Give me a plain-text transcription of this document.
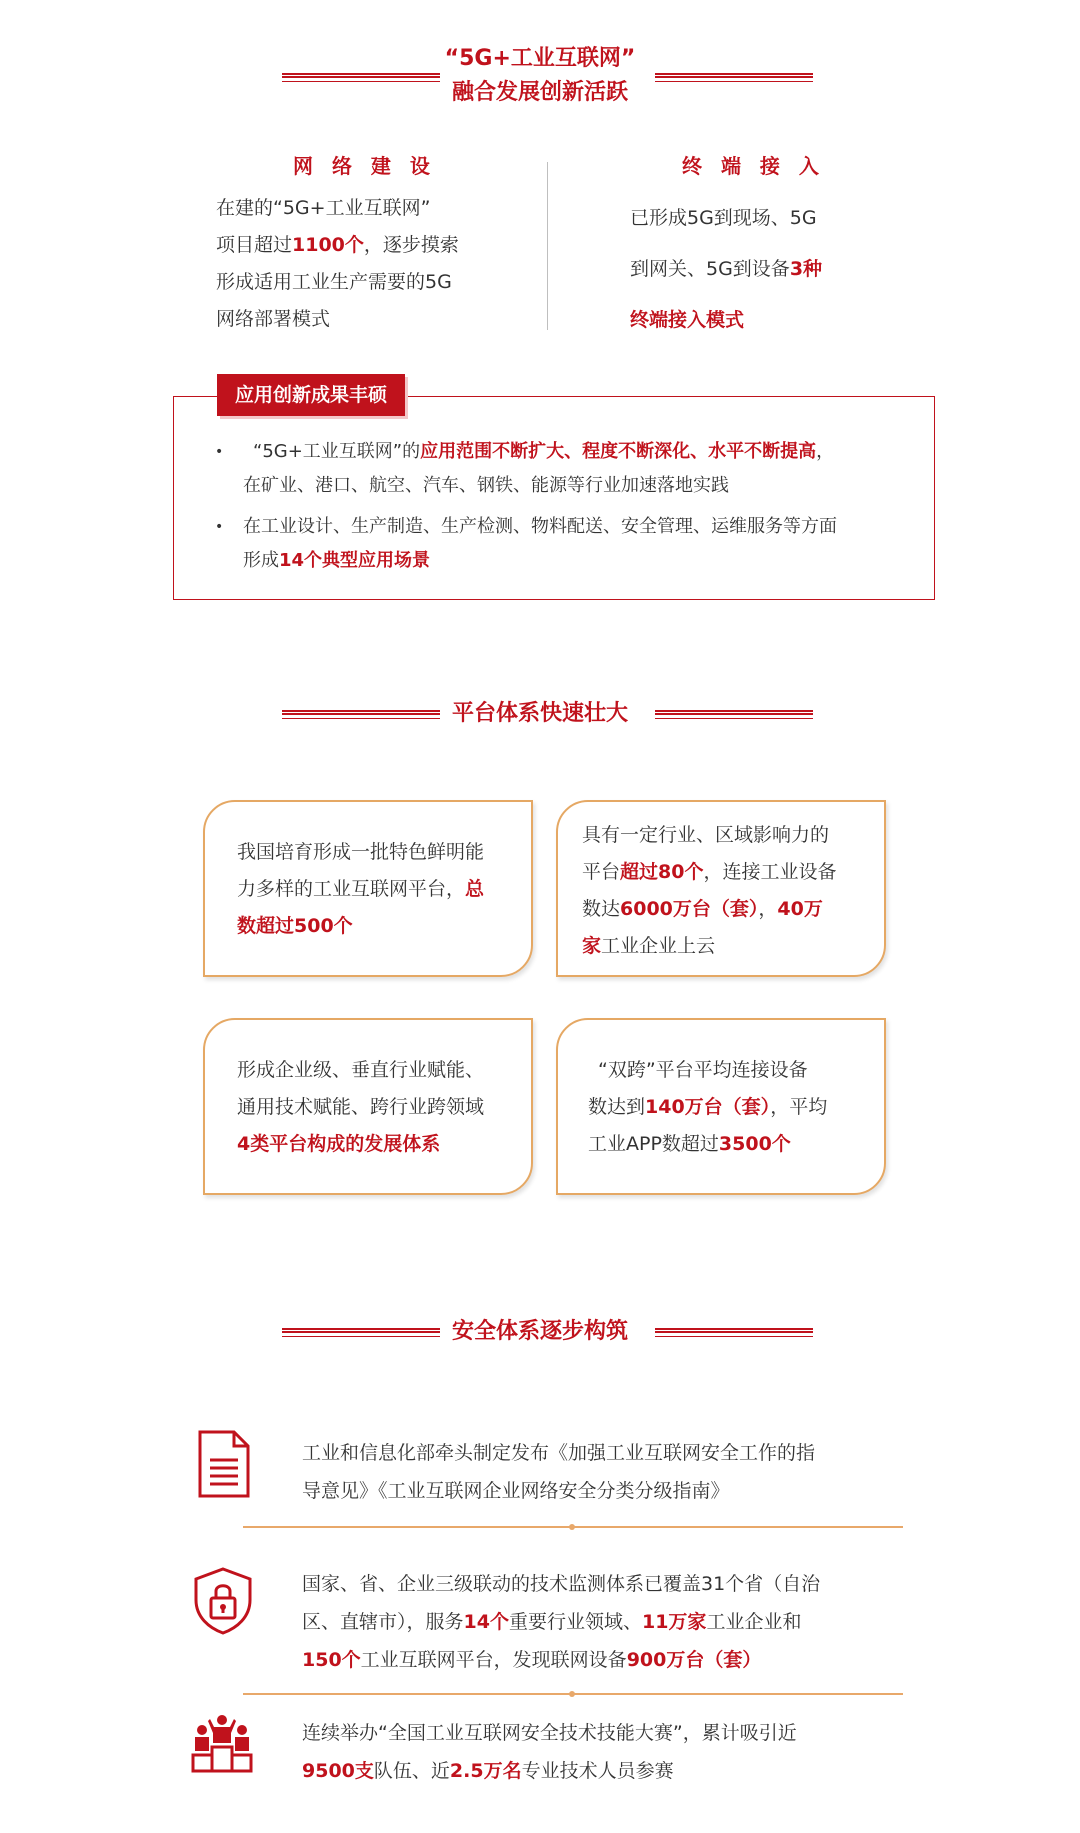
“5G+工业互联网”
融合发展创新活跃
网 络 建 设
在建的“5G+工业互联网”
项目超过1100个，逐步摸索
形成适用工业生产需要的5G
网络部署模式
终 端 接 入
已形成5G到现场、5G
到网关、5G到设备3种
终端接入模式
应用创新成果丰硕
•	“5G+工业互联网”的应用范围不断扩大、程度不断深化、水平不断提高，
在矿业、港口、航空、汽车、钢铁、能源等行业加速落地实践
•	在工业设计、生产制造、生产检测、物料配送、安全管理、运维服务等方面
形成14个典型应用场景
平台体系快速壮大
我国培育形成一批特色鲜明能
力多样的工业互联网平台，总
数超过500个
具有一定行业、区域影响力的
平台超过80个，连接工业设备
数达6000万台（套），40万
家工业企业上云
形成企业级、垂直行业赋能、
通用技术赋能、跨行业跨领域
4类平台构成的发展体系
“双跨”平台平均连接设备
数达到140万台（套），平均
工业APP数超过3500个
安全体系逐步构筑
工业和信息化部牵头制定发布《加强工业互联网安全工作的指
导意见》《工业互联网企业网络安全分类分级指南》
国家、省、企业三级联动的技术监测体系已覆盖31个省（自治
区、直辖市），服务14个重要行业领域、11万家工业企业和
150个工业互联网平台，发现联网设备900万台（套）
连续举办“全国工业互联网安全技术技能大赛”，累计吸引近
9500支队伍、近2.5万名专业技术人员参赛
